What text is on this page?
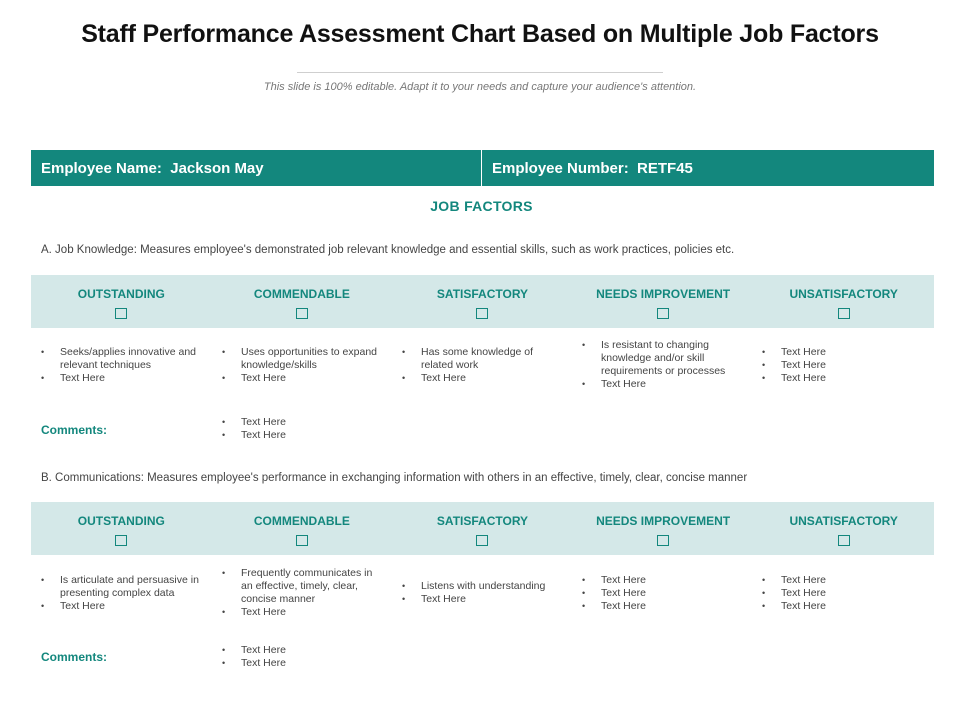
Staff Performance Assessment Chart Based on Multiple Job Factors
This slide is 100% editable. Adapt it to your needs and capture your audience's attention.
Employee Name:
Jackson May	Employee Number:
RETF45
JOB FACTORS
A. Job Knowledge: Measures employee's demonstrated job relevant knowledge and essential skills, such as work practices, policies etc.
OUTSTANDING	COMMENDABLE	SATISFACTORY	NEEDS IMPROVEMENT	UNSATISFACTORY
• Seeks/applies innovative and relevant techniques
• Text Here
• Uses opportunities to expand knowledge/skills
• Text Here
• Has some knowledge of related work
• Text Here
• Is resistant to changing knowledge and/or skill requirements or processes
• Text Here
• Text Here
• Text Here
• Text Here
Comments:
• Text Here
• Text Here
B. Communications: Measures employee's performance in exchanging information with others in an effective, timely, clear, concise manner
OUTSTANDING	COMMENDABLE	SATISFACTORY	NEEDS IMPROVEMENT	UNSATISFACTORY
• Is articulate and persuasive in presenting complex data
• Text Here
• Frequently communicates in an effective, timely, clear, concise manner
• Text Here
• Listens with understanding
• Text Here
• Text Here
• Text Here
• Text Here
• Text Here
• Text Here
• Text Here
Comments:
•	Text Here
• Text Here
